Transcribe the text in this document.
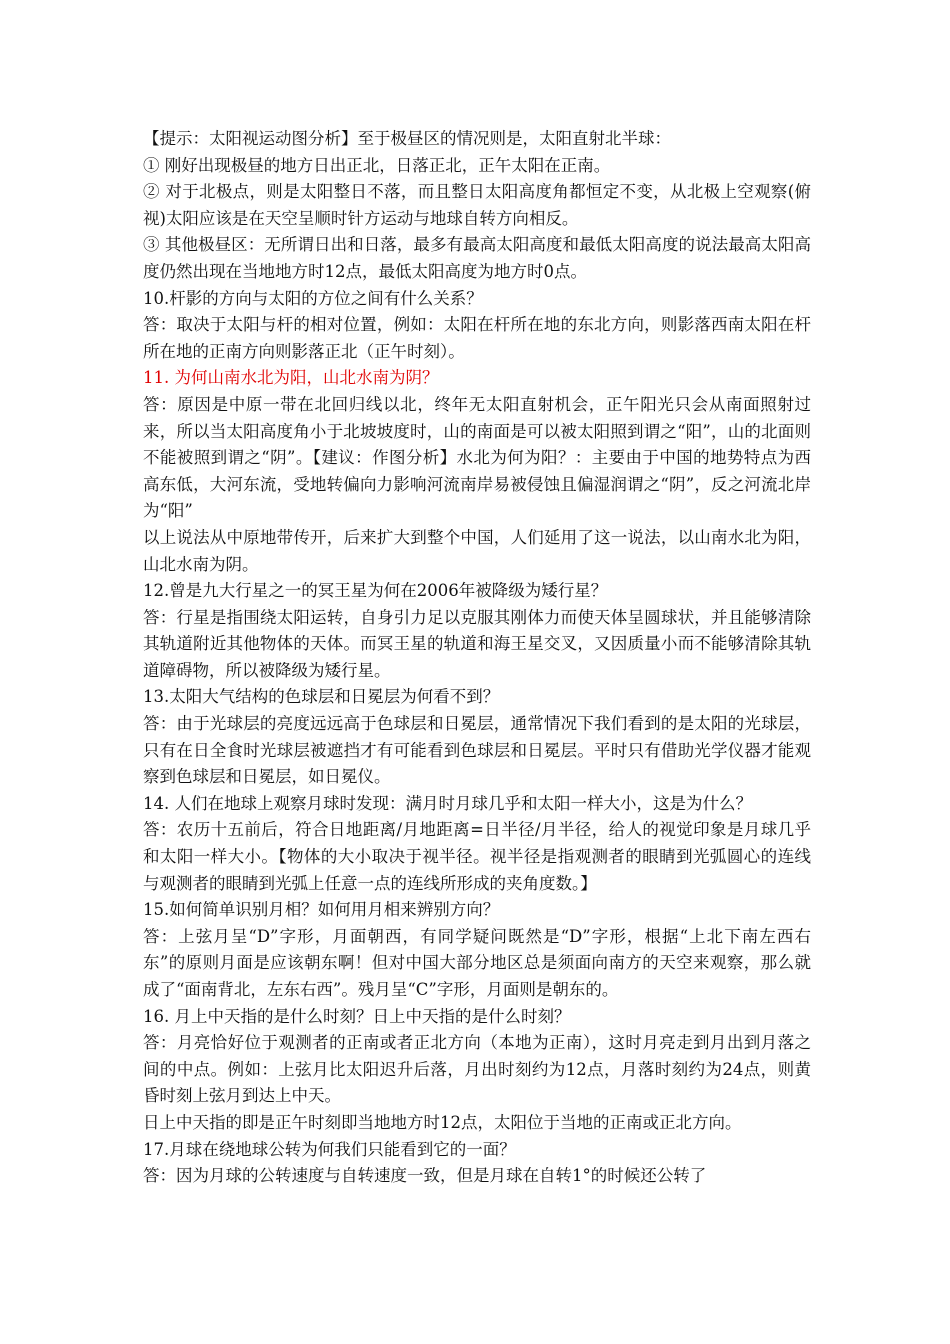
【提示：太阳视运动图分析】至于极昼区的情况则是，太阳直射北半球：

① 刚好出现极昼的地方日出正北，日落正北，正午太阳在正南。

② 对于北极点，则是太阳整日不落，而且整日太阳高度角都恒定不变，从北极上空观察(俯视)太阳应该是在天空呈顺时针方运动与地球自转方向相反。

③ 其他极昼区：无所谓日出和日落，最多有最高太阳高度和最低太阳高度的说法最高太阳高度仍然出现在当地地方时12点，最低太阳高度为地方时0点。

10.杆影的方向与太阳的方位之间有什么关系？

答：取决于太阳与杆的相对位置，例如：太阳在杆所在地的东北方向，则影落西南太阳在杆所在地的正南方向则影落正北（正午时刻）。

11. 为何山南水北为阳，山北水南为阴？

答：原因是中原一带在北回归线以北，终年无太阳直射机会，正午阳光只会从南面照射过来，所以当太阳高度角小于北坡坡度时，山的南面是可以被太阳照到谓之“阳”，山的北面则不能被照到谓之“阴”。【建议：作图分析】水北为何为阳？：主要由于中国的地势特点为西高东低，大河东流，受地转偏向力影响河流南岸易被侵蚀且偏湿润谓之“阴”，反之河流北岸为“阳”

以上说法从中原地带传开，后来扩大到整个中国，人们延用了这一说法，以山南水北为阳，山北水南为阴。

12.曾是九大行星之一的冥王星为何在2006年被降级为矮行星？

答：行星是指围绕太阳运转，自身引力足以克服其刚体力而使天体呈圆球状，并且能够清除其轨道附近其他物体的天体。而冥王星的轨道和海王星交叉，又因质量小而不能够清除其轨道障碍物，所以被降级为矮行星。

13.太阳大气结构的色球层和日冕层为何看不到？

答：由于光球层的亮度远远高于色球层和日冕层，通常情况下我们看到的是太阳的光球层，只有在日全食时光球层被遮挡才有可能看到色球层和日冕层。平时只有借助光学仪器才能观察到色球层和日冕层，如日冕仪。

14. 人们在地球上观察月球时发现：满月时月球几乎和太阳一样大小，这是为什么？

答：农历十五前后，符合日地距离/月地距离=日半径/月半径，给人的视觉印象是月球几乎和太阳一样大小。【物体的大小取决于视半径。视半径是指观测者的眼睛到光弧圆心的连线与观测者的眼睛到光弧上任意一点的连线所形成的夹角度数。】

15.如何简单识别月相？如何用月相来辨别方向？

答：上弦月呈“D”字形，月面朝西，有同学疑问既然是“D”字形，根据“上北下南左西右东”的原则月面是应该朝东啊！但对中国大部分地区总是须面向南方的天空来观察，那么就成了“面南背北，左东右西”。残月呈“C”字形，月面则是朝东的。

16. 月上中天指的是什么时刻？日上中天指的是什么时刻？

答：月亮恰好位于观测者的正南或者正北方向（本地为正南），这时月亮走到月出到月落之间的中点。例如：上弦月比太阳迟升后落，月出时刻约为12点，月落时刻约为24点，则黄昏时刻上弦月到达上中天。

日上中天指的即是正午时刻即当地地方时12点，太阳位于当地的正南或正北方向。

17.月球在绕地球公转为何我们只能看到它的一面？

答：因为月球的公转速度与自转速度一致，但是月球在自转1°的时候还公转了
